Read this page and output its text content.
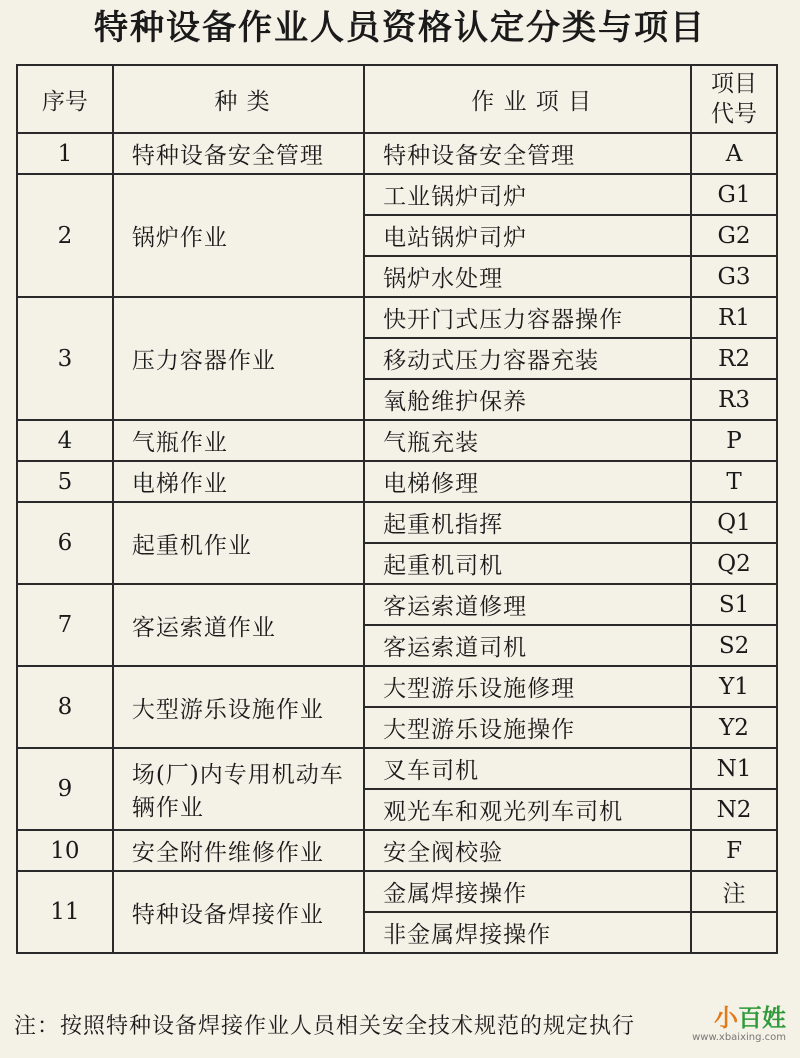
特种设备作业人员资格认定分类与项目
序号	种 类	作 业 项 目	项目
代号

1	特种设备安全管理	特种设备安全管理	A
2	锅炉作业	工业锅炉司炉	G1
		电站锅炉司炉	G2
		锅炉水处理	G3
3	压力容器作业	快开门式压力容器操作	R1
		移动式压力容器充装	R2
		氧舱维护保养	R3
4	气瓶作业	气瓶充装	P
5	电梯作业	电梯修理	T
6	起重机作业	起重机指挥	Q1
		起重机司机	Q2
7	客运索道作业	客运索道修理	S1
		客运索道司机	S2
8	大型游乐设施作业	大型游乐设施修理	Y1
		大型游乐设施操作	Y2
9	场(厂)内专用机动车辆作业	叉车司机	N1
		观光车和观光列车司机	N2
10	安全附件维修作业	安全阀校验	F
11	特种设备焊接作业	金属焊接操作	注
		非金属焊接操作	
注：按照特种设备焊接作业人员相关安全技术规范的规定执行	小百姓
www.xbaixing.com
